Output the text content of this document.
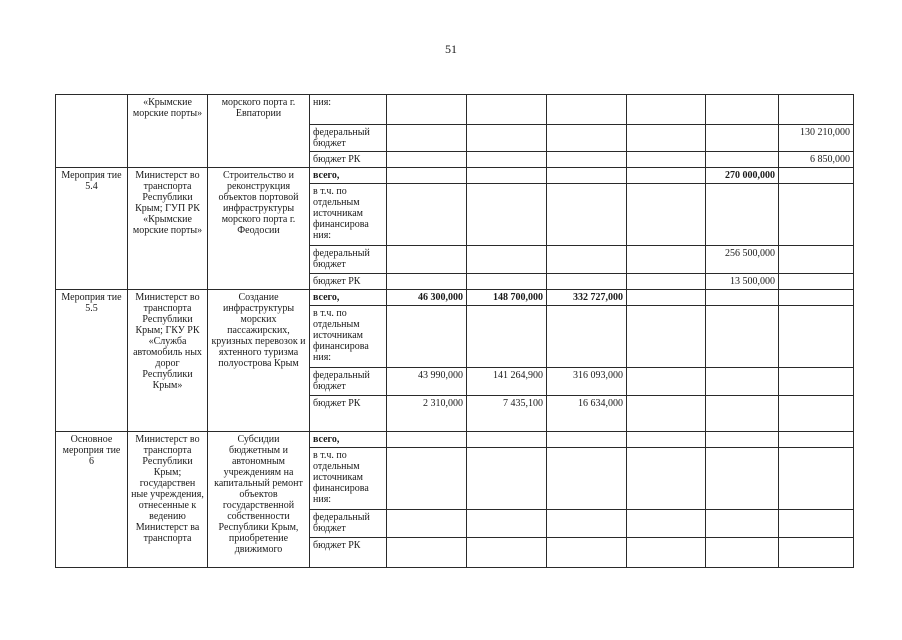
51
	«Крымские морские порты»	морского порта г. Евпатории	ния:							
			федеральный бюджет						130 210,000	
			бюджет РК						6 850,000	
Мероприя тие 5.4	Министерст во транспорта Республики Крым; ГУП РК «Крымские морские порты»	Строительство и реконструкция объектов портовой инфраструктуры морского порта г. Феодосии	всего,					270 000,000		
			в т.ч. по отдельным источникам финансирова ния:							
			федеральный бюджет					256 500,000		
			бюджет РК					13 500,000		
Мероприя тие 5.5	Министерст во транспорта Республики Крым; ГКУ РК «Служба автомобиль ных дорог Республики Крым»	Создание инфраструктуры морских пассажирских, круизных перевозок и яхтенного туризма полуострова Крым	всего,	46 300,000	148 700,000	332 727,000				
			в т.ч. по отдельным источникам финансирова ния:							
			федеральный бюджет	43 990,000	141 264,900	316 093,000				
			бюджет РК	2 310,000	7 435,100	16 634,000				
Основное мероприя тие 6	Министерст во транспорта Республики Крым; государствен ные учреждения, отнесенные к ведению Министерст ва транспорта	Субсидии бюджетным и автономным учреждениям на капитальный ремонт объектов государственной собственности Республики Крым, приобретение движимого	всего,							
			в т.ч. по отдельным источникам финансирова ния:							
			федеральный бюджет							
			бюджет РК							
